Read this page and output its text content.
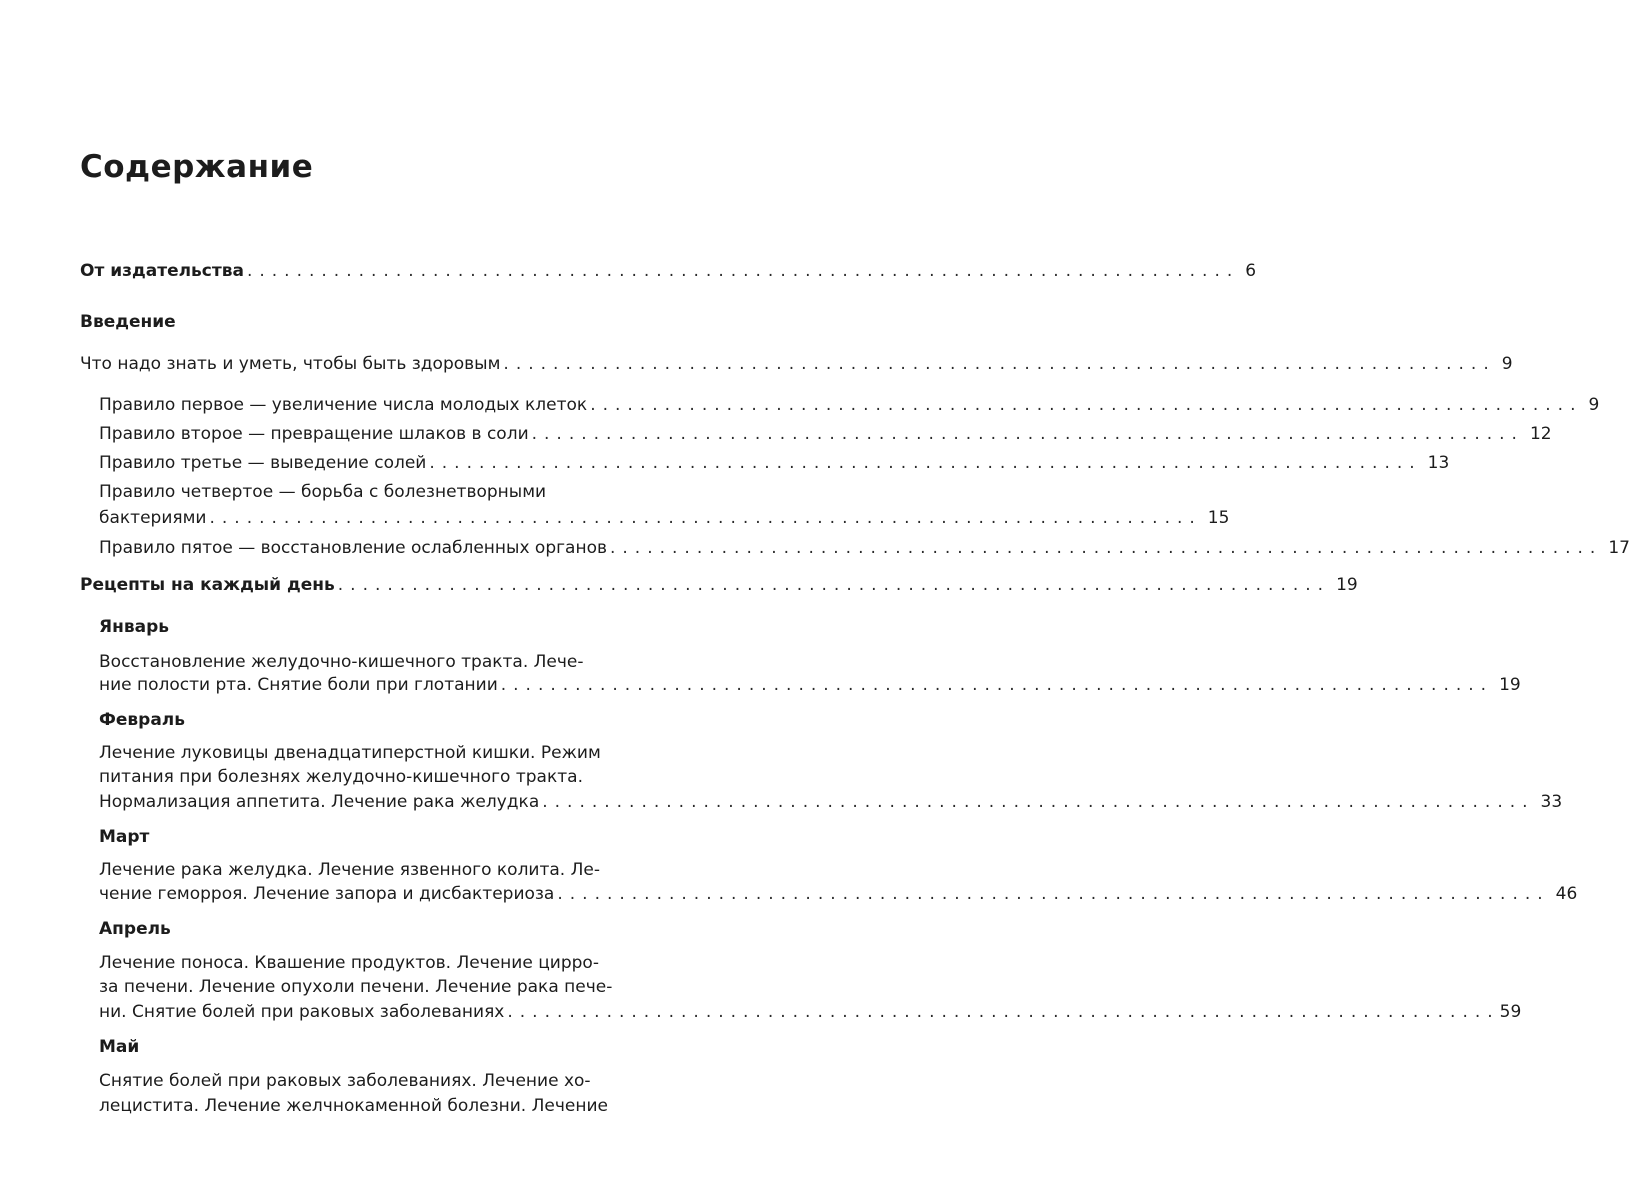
Содержание
От издательства ................................................................................ 6
Введение
Что надо знать и уметь, чтобы быть здоровым ................................................................................ 9
Правило первое — увеличение числа молодых клеток ................................................................................ 9
Правило второе — превращение шлаков в соли ................................................................................ 12
Правило третье — выведение солей ................................................................................ 13
Правило четвертое — борьба с болезнетворными
бактериями ................................................................................ 15
Правило пятое — восстановление ослабленных органов ................................................................................ 17
Рецепты на каждый день ................................................................................ 19
Январь
Восстановление желудочно-кишечного тракта. Лече-
ние полости рта. Снятие боли при глотании ................................................................................ 19
Февраль
Лечение луковицы двенадцатиперстной кишки. Режим
питания при болезнях желудочно-кишечного тракта.
Нормализация аппетита. Лечение рака желудка ................................................................................ 33
Март
Лечение рака желудка. Лечение язвенного колита. Ле-
чение геморроя. Лечение запора и дисбактериоза ................................................................................ 46
Апрель
Лечение поноса. Квашение продуктов. Лечение цирро-
за печени. Лечение опухоли печени. Лечение рака пече-
ни. Снятие болей при раковых заболеваниях ................................................................................ 59
Май
Снятие болей при раковых заболеваниях. Лечение хо-
лецистита. Лечение желчнокаменной болезни. Лечение
